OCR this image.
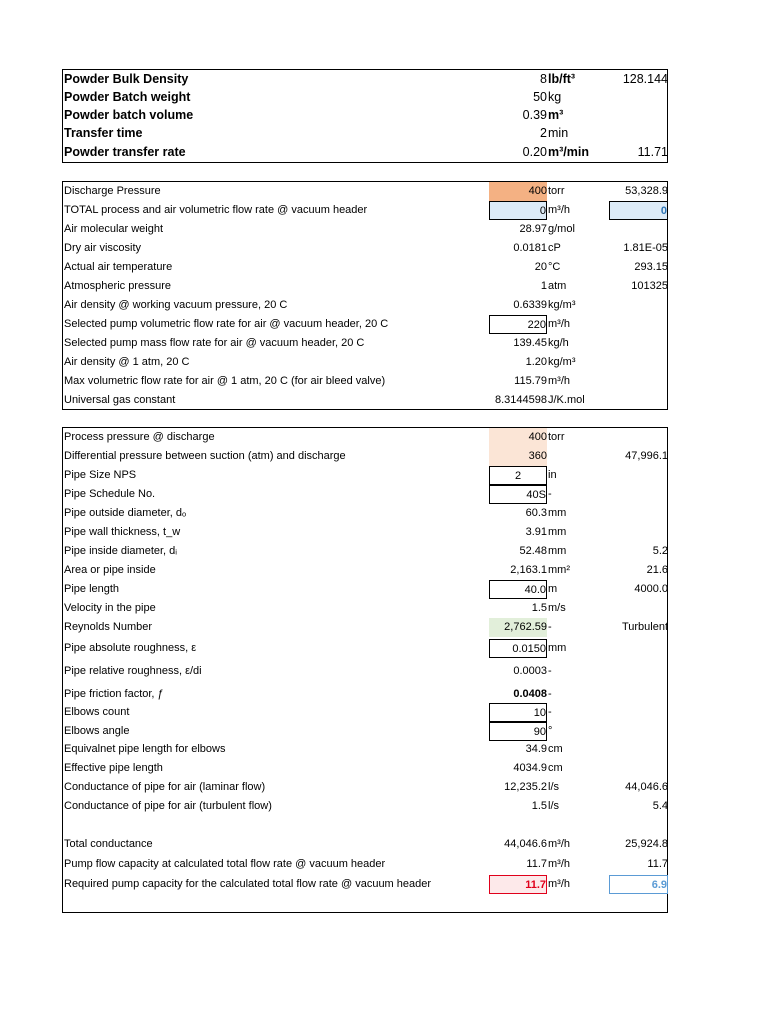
Powder Bulk Density	8 lb/ft³	128.144
Powder Batch weight	50 kg
Powder batch volume	0.39 m³
Transfer time	2 min
Powder transfer rate	0.20 m³/min	11.71
Discharge Pressure	400 torr	53,328.9
TOTAL process and air volumetric flow rate @ vacuum header	0 m³/h	0
Air molecular weight	28.97 g/mol
Dry air viscosity	0.0181 cP	1.81E-05
Actual air temperature	20 °C	293.15
Atmospheric pressure	1 atm	101325
Air density @ working vacuum pressure, 20 C	0.6339 kg/m³
Selected pump volumetric flow rate for air @ vacuum header, 20 C	220 m³/h
Selected pump mass flow rate for air @ vacuum header, 20 C	139.45 kg/h
Air density @ 1 atm, 20 C	1.20 kg/m³
Max volumetric flow rate for air @ 1 atm, 20 C (for air bleed valve)	115.79 m³/h
Universal gas constant	8.3144598 J/K.mol
Process pressure @ discharge	400 torr
Differential pressure between suction (atm) and discharge	360	47,996.1
Pipe Size NPS	2	in
Pipe Schedule No.	40S -
Pipe outside diameter, dₒ	60.3 mm
Pipe wall thickness, t_w	3.91 mm
Pipe inside diameter, dᵢ	52.48 mm	5.2
Area or pipe inside	2,163.1 mm²	21.6
Pipe length	40.0 m	4000.0
Velocity in the pipe	1.5 m/s
Reynolds Number	2,762.59 -	Turbulent
Pipe absolute roughness, ε	0.0150 mm
Pipe relative roughness, ε/di	0.0003 -
Pipe friction factor, ƒ	0.0408 -
Elbows count	10 -
Elbows angle	90 °
Equivalnet pipe length for elbows	34.9 cm
Effective pipe length	4034.9 cm
Conductance of pipe for air (laminar flow)	12,235.2 l/s	44,046.6
Conductance of pipe for air (turbulent flow)	1.5 l/s	5.4
Total conductance	44,046.6 m³/h	25,924.8
Pump flow capacity at calculated total flow rate @ vacuum header	11.7 m³/h	11.7
Required pump capacity for the calculated total flow rate @ vacuum header	11.7 m³/h	6.9
